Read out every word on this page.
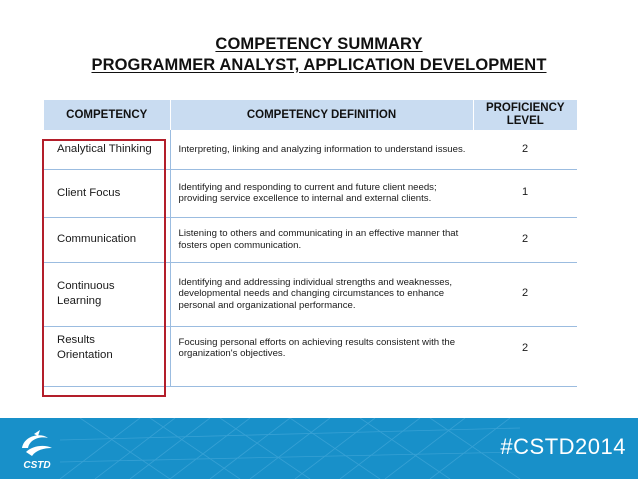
COMPETENCY SUMMARY
PROGRAMMER ANALYST, APPLICATION DEVELOPMENT
COMPETENCY	COMPETENCY DEFINITION	PROFICIENCY
LEVEL

Analytical Thinking	Interpreting, linking and analyzing information to understand issues.	2
Client Focus	Identifying and responding to current and future client needs; providing service excellence to internal and external clients.	1
Communication	Listening to others and communicating in an effective manner that fosters open communication.	2
Continuous Learning	Identifying and addressing individual strengths and weaknesses, developmental needs and changing circumstances to enhance personal and organizational performance.	2
Results Orientation	Focusing personal efforts on achieving results consistent with the organization's objectives.	2

CSTD
#CSTD2014
